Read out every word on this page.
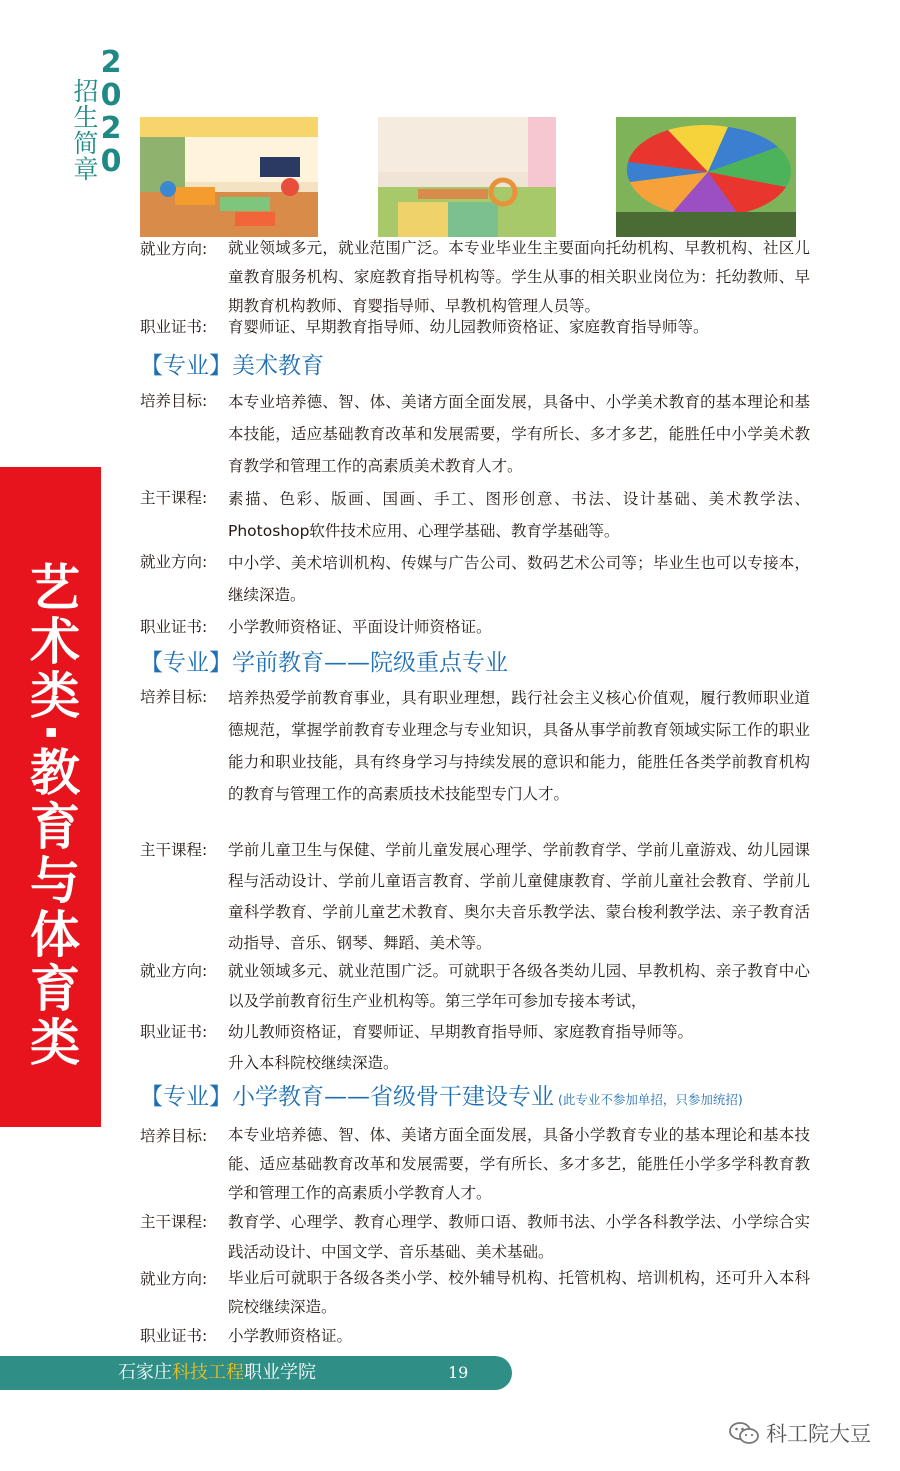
2
0
2
0
招生简章
艺术类·教育与体育类
就业方向:	就业领域多元，就业范围广泛。本专业毕业生主要面向托幼机构、早教机构、社区儿童教育服务机构、家庭教育指导机构等。学生从事的相关职业岗位为：托幼教师、早期教育机构教师、育婴指导师、早教机构管理人员等。
职业证书:	育婴师证、早期教育指导师、幼儿园教师资格证、家庭教育指导师等。
【专业】美术教育
培养目标:	本专业培养德、智、体、美诸方面全面发展，具备中、小学美术教育的基本理论和基本技能，适应基础教育改革和发展需要，学有所长、多才多艺，能胜任中小学美术教育教学和管理工作的高素质美术教育人才。
主干课程:	素描、色彩、版画、国画、手工、图形创意、书法、设计基础、美术教学法、Photoshop软件技术应用、心理学基础、教育学基础等。
就业方向:	中小学、美术培训机构、传媒与广告公司、数码艺术公司等；毕业生也可以专接本，继续深造。
职业证书:	小学教师资格证、平面设计师资格证。
【专业】学前教育——院级重点专业
培养目标:	培养热爱学前教育事业，具有职业理想，践行社会主义核心价值观，履行教师职业道德规范，掌握学前教育专业理念与专业知识，具备从事学前教育领域实际工作的职业能力和职业技能，具有终身学习与持续发展的意识和能力，能胜任各类学前教育机构的教育与管理工作的高素质技术技能型专门人才。
主干课程:	学前儿童卫生与保健、学前儿童发展心理学、学前教育学、学前儿童游戏、幼儿园课程与活动设计、学前儿童语言教育、学前儿童健康教育、学前儿童社会教育、学前儿童科学教育、学前儿童艺术教育、奥尔夫音乐教学法、蒙台梭利教学法、亲子教育活动指导、音乐、钢琴、舞蹈、美术等。
就业方向:	就业领域多元、就业范围广泛。可就职于各级各类幼儿园、早教机构、亲子教育中心以及学前教育衍生产业机构等。第三学年可参加专接本考试，
职业证书:	幼儿教师资格证，育婴师证、早期教育指导师、家庭教育指导师等。
升入本科院校继续深造。
【专业】小学教育——省级骨干建设专业 (此专业不参加单招，只参加统招)
培养目标:	本专业培养德、智、体、美诸方面全面发展，具备小学教育专业的基本理论和基本技能、适应基础教育改革和发展需要，学有所长、多才多艺，能胜任小学多学科教育教学和管理工作的高素质小学教育人才。
主干课程:	教育学、心理学、教育心理学、教师口语、教师书法、小学各科教学法、小学综合实践活动设计、中国文学、音乐基础、美术基础。
就业方向:	毕业后可就职于各级各类小学、校外辅导机构、托管机构、培训机构，还可升入本科院校继续深造。
职业证书:	小学教师资格证。
石家庄科技工程职业学院	19
科工院大豆
